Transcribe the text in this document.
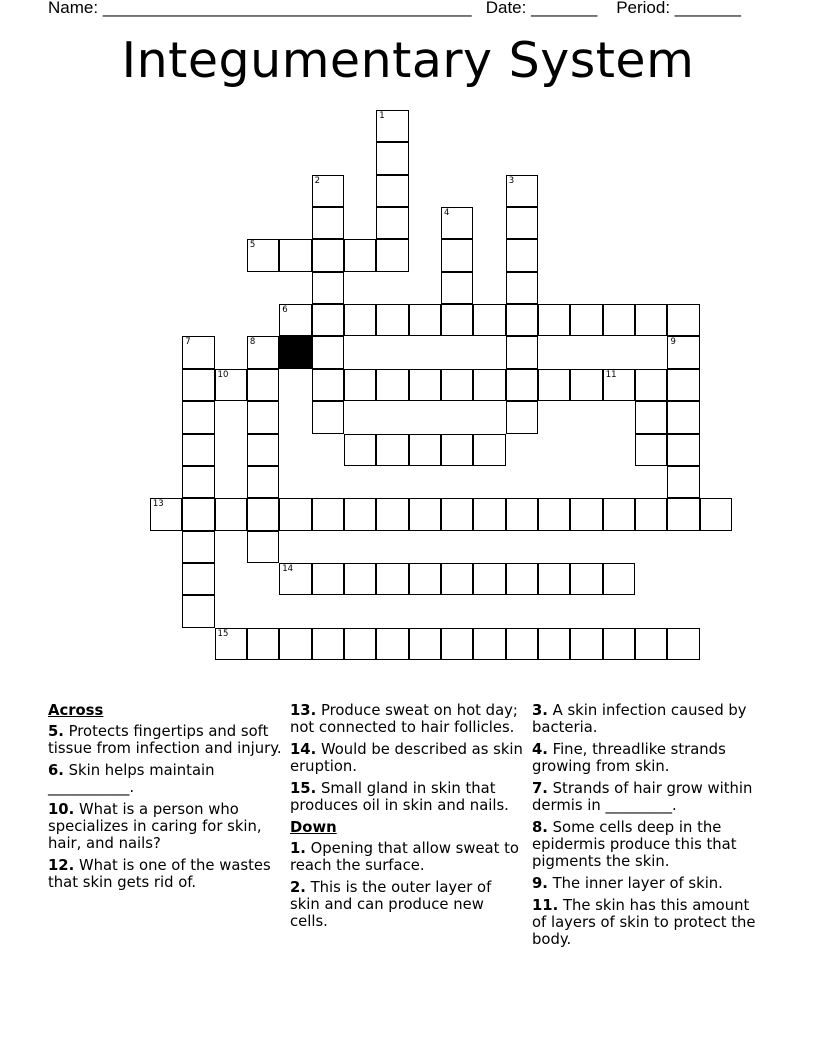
Name: _______________________________________ Date: _______ Period: _______
Integumentary System
1
2	3
4
5
6
7	8	9
10	11
13
14
15
Across
5. Protects fingertips and soft tissue from infection and injury.
6. Skin helps maintain ___________.
10. What is a person who specializes in caring for skin, hair, and nails?
12. What is one of the wastes that skin gets rid of.
13. Produce sweat on hot day; not connected to hair follicles.
14. Would be described as skin eruption.
15. Small gland in skin that produces oil in skin and nails.
Down
1. Opening that allow sweat to reach the surface.
2. This is the outer layer of skin and can produce new cells.
3. A skin infection caused by bacteria.
4. Fine, threadlike strands growing from skin.
7. Strands of hair grow within dermis in _________.
8. Some cells deep in the epidermis produce this that pigments the skin.
9. The inner layer of skin.
11. The skin has this amount of layers of skin to protect the body.
